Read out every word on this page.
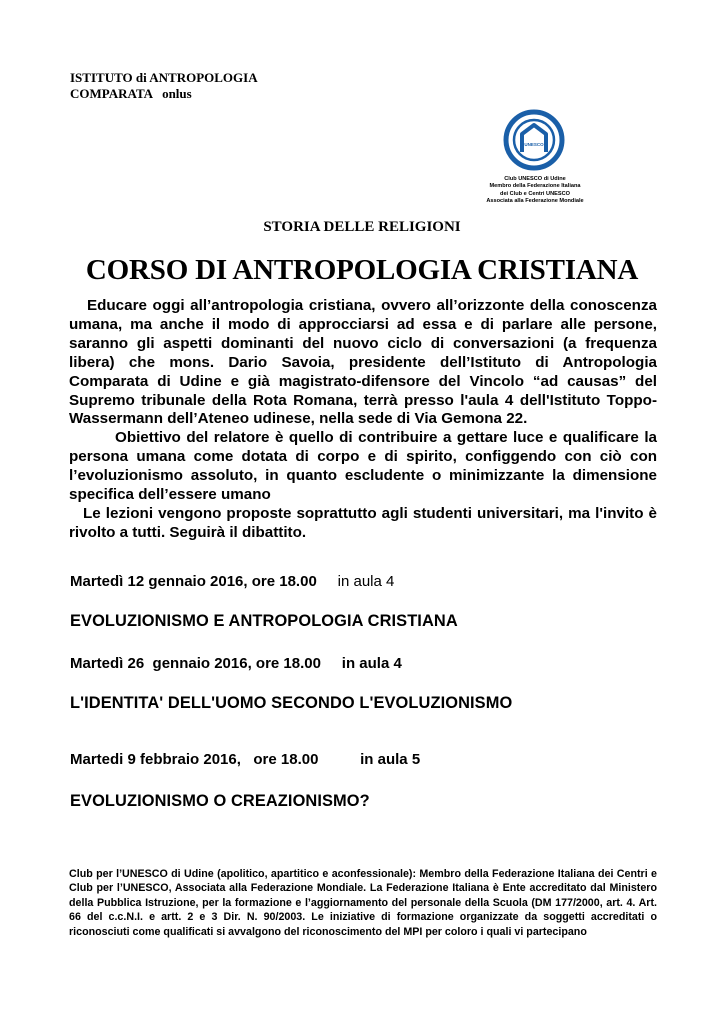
ISTITUTO di ANTROPOLOGIA
COMPARATA   onlus
UNESCO
Club UNESCO di Udine
Membro della Federazione Italiana
dei Club e Centri UNESCO
Associata alla Federazione Mondiale
STORIA DELLE RELIGIONI
CORSO DI ANTROPOLOGIA CRISTIANA

Educare oggi all’antropologia cristiana, ovvero all’orizzonte della conoscenza umana, ma anche il modo di approcciarsi ad essa e di parlare alle persone, saranno gli aspetti dominanti del nuovo ciclo di conversazioni (a frequenza libera) che mons. Dario Savoia, presidente dell’Istituto di Antropologia Comparata di Udine e già magistrato-difensore del Vincolo “ad causas” del Supremo tribunale della Rota Romana, terrà presso l'aula 4 dell'Istituto Toppo-Wassermann dell’Ateneo udinese, nella sede di Via Gemona 22.

Obiettivo del relatore è quello di contribuire a gettare luce e qualificare la persona umana come dotata di corpo e di spirito, configgendo con ciò con l’evoluzionismo assoluto, in quanto escludente o minimizzante la dimensione specifica dell’essere umano

Le lezioni vengono proposte soprattutto agli studenti universitari, ma l'invito è rivolto a tutti. Seguirà il dibattito.

Martedì 12 gennaio 2016, ore 18.00 in aula 4
EVOLUZIONISMO E ANTROPOLOGIA CRISTIANA
Martedì 26  gennaio 2016, ore 18.00 in aula 4
L'IDENTITA' DELL'UOMO SECONDO L'EVOLUZIONISMO
Martedi 9 febbraio 2016,   ore 18.00	in aula 5
EVOLUZIONISMO O CREAZIONISMO?
Club per l’UNESCO di Udine (apolitico, apartitico e aconfessionale): Membro della Federazione Italiana dei Centri e Club per l’UNESCO, Associata alla Federazione Mondiale. La Federazione Italiana è Ente accreditato dal Ministero della Pubblica Istruzione, per la formazione e l’aggiornamento del personale della Scuola (DM 177/2000, art. 4. Art. 66 del c.c.N.I. e artt. 2 e 3 Dir. N. 90/2003. Le iniziative di formazione organizzate da soggetti accreditati o riconosciuti come qualificati si avvalgono del riconoscimento del MPI per coloro i quali vi partecipano
